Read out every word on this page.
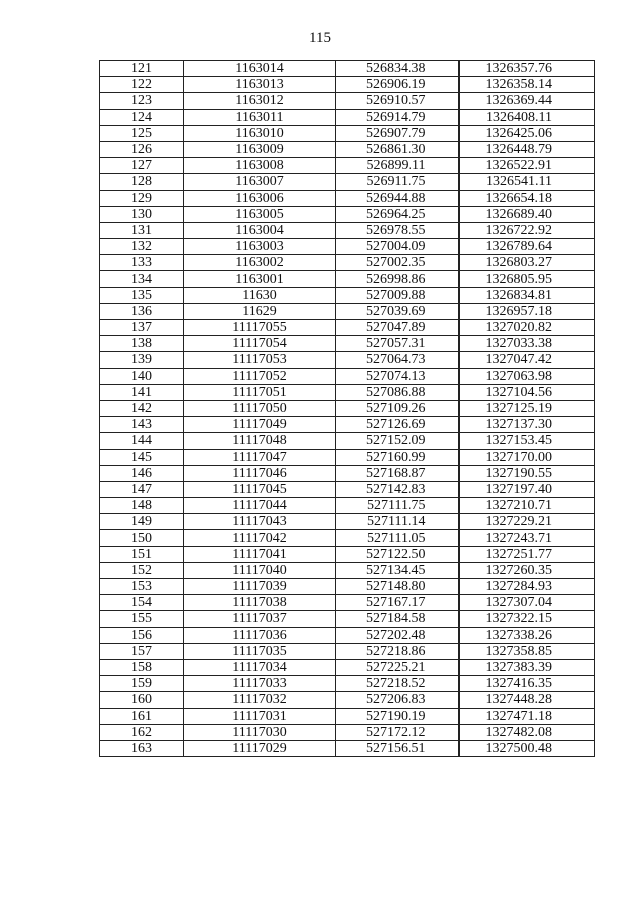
115
121	1163014	526834.38	1326357.76
122	1163013	526906.19	1326358.14
123	1163012	526910.57	1326369.44
124	1163011	526914.79	1326408.11
125	1163010	526907.79	1326425.06
126	1163009	526861.30	1326448.79
127	1163008	526899.11	1326522.91
128	1163007	526911.75	1326541.11
129	1163006	526944.88	1326654.18
130	1163005	526964.25	1326689.40
131	1163004	526978.55	1326722.92
132	1163003	527004.09	1326789.64
133	1163002	527002.35	1326803.27
134	1163001	526998.86	1326805.95
135	11630	527009.88	1326834.81
136	11629	527039.69	1326957.18
137	11117055	527047.89	1327020.82
138	11117054	527057.31	1327033.38
139	11117053	527064.73	1327047.42
140	11117052	527074.13	1327063.98
141	11117051	527086.88	1327104.56
142	11117050	527109.26	1327125.19
143	11117049	527126.69	1327137.30
144	11117048	527152.09	1327153.45
145	11117047	527160.99	1327170.00
146	11117046	527168.87	1327190.55
147	11117045	527142.83	1327197.40
148	11117044	527111.75	1327210.71
149	11117043	527111.14	1327229.21
150	11117042	527111.05	1327243.71
151	11117041	527122.50	1327251.77
152	11117040	527134.45	1327260.35
153	11117039	527148.80	1327284.93
154	11117038	527167.17	1327307.04
155	11117037	527184.58	1327322.15
156	11117036	527202.48	1327338.26
157	11117035	527218.86	1327358.85
158	11117034	527225.21	1327383.39
159	11117033	527218.52	1327416.35
160	11117032	527206.83	1327448.28
161	11117031	527190.19	1327471.18
162	11117030	527172.12	1327482.08
163	11117029	527156.51	1327500.48
